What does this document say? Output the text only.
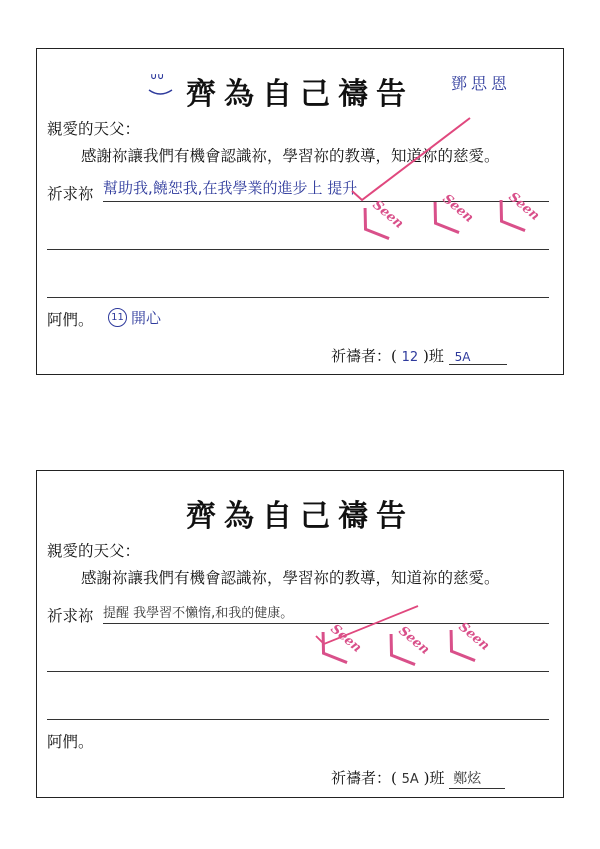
齊為自己禱告	鄧思恩
親愛的天父：
感謝祢讓我們有機會認識祢，學習祢的教導，知道祢的慈愛。
祈求祢 幫助我,饒恕我,在我學業的進步上 提升
阿們。	11 開心
祈禱者：( 12 )班 5A
齊為自己禱告
親愛的天父：
感謝祢讓我們有機會認識祢，學習祢的教導，知道祢的慈愛。
祈求祢 提醒 我學習不懶惰,和我的健康。
阿們。
祈禱者：( 5A )班 鄭炫
ᐡᐡ
Seen	Seen Seen
Seen Seen Seen
